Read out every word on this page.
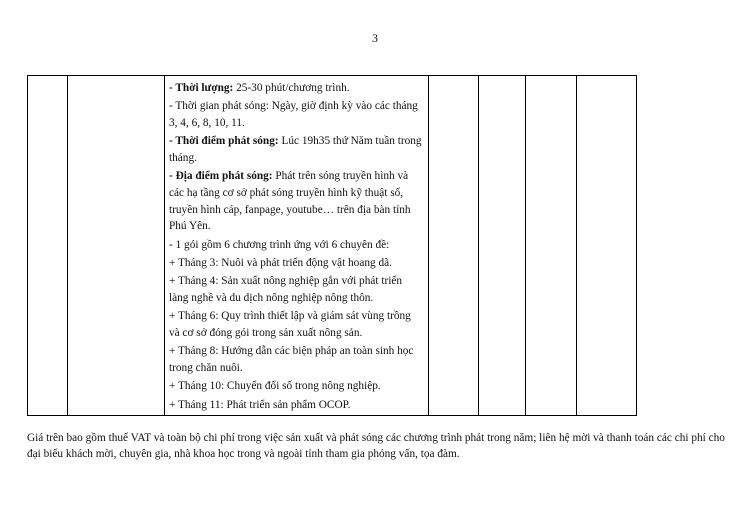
3

- Thời lượng: 25-30 phút/chương trình.

- Thời gian phát sóng: Ngày, giờ định kỳ vào các tháng 3, 4, 6, 8, 10, 11.

- Thời điểm phát sóng: Lúc 19h35 thứ Năm tuần trong tháng.

- Địa điểm phát sóng: Phát trên sóng truyền hình và các hạ tầng cơ sở phát sóng truyền hình kỹ thuật số, truyền hình cáp, fanpage, youtube… trên địa bàn tỉnh Phú Yên.

- 1 gói gồm 6 chương trình ứng với 6 chuyên đề:

+ Tháng 3: Nuôi và phát triển động vật hoang dã.

+ Tháng 4: Sản xuất nông nghiệp gắn với phát triển làng nghề và du dịch nông nghiệp nông thôn.

+ Tháng 6: Quy trình thiết lập và giám sát vùng trồng và cơ sở đóng gói trong sản xuất nông sản.

+ Tháng 8: Hướng dẫn các biện pháp an toàn sinh học trong chăn nuôi.

+ Tháng 10: Chuyển đổi số trong nông nghiệp.

+ Tháng 11: Phát triển sản phẩm OCOP.

Giá trên bao gồm thuế VAT và toàn bộ chi phí trong việc sản xuất và phát sóng các chương trình phát trong năm; liên hệ mời và thanh toán các chi phí cho đại biểu khách mời, chuyên gia, nhà khoa học trong và ngoài tỉnh tham gia phỏng vấn, tọa đàm.
